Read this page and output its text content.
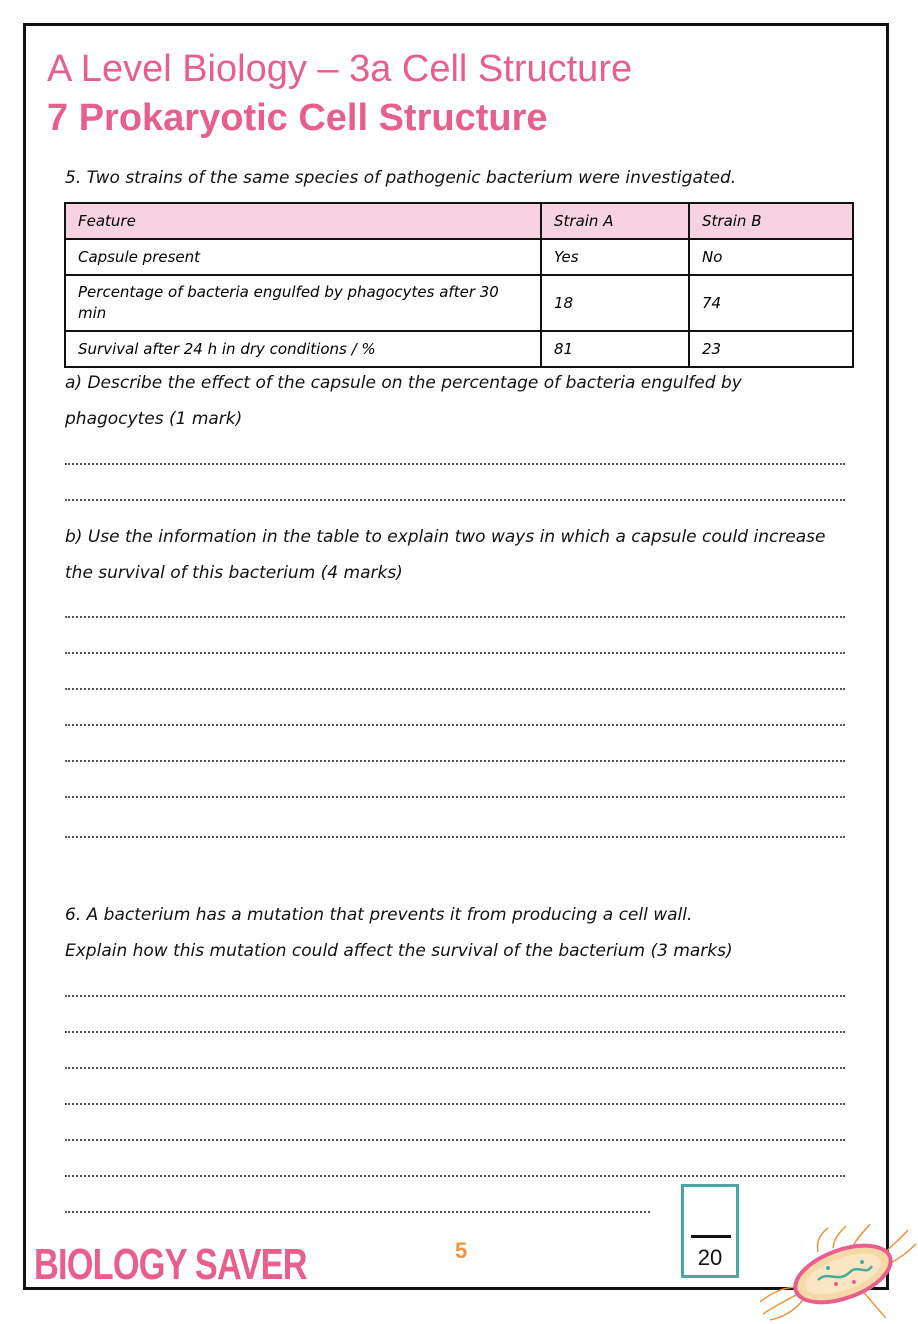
A Level Biology – 3a Cell Structure
7 Prokaryotic Cell Structure

5. Two strains of the same species of pathogenic bacterium were investigated.

Feature	Strain A	Strain B
Capsule present	Yes	No
Percentage of bacteria engulfed by phagocytes after 30 min	18	74
Survival after 24 h in dry conditions / %	81	23

a) Describe the effect of the capsule on the percentage of bacteria engulfed by phagocytes (1 mark)

b) Use the information in the table to explain two ways in which a capsule could increase the survival of this bacterium (4 marks)

6. A bacterium has a mutation that prevents it from producing a cell wall.

Explain how this mutation could affect the survival of the bacterium (3 marks)

BIOLOGY SAVER	5	20
